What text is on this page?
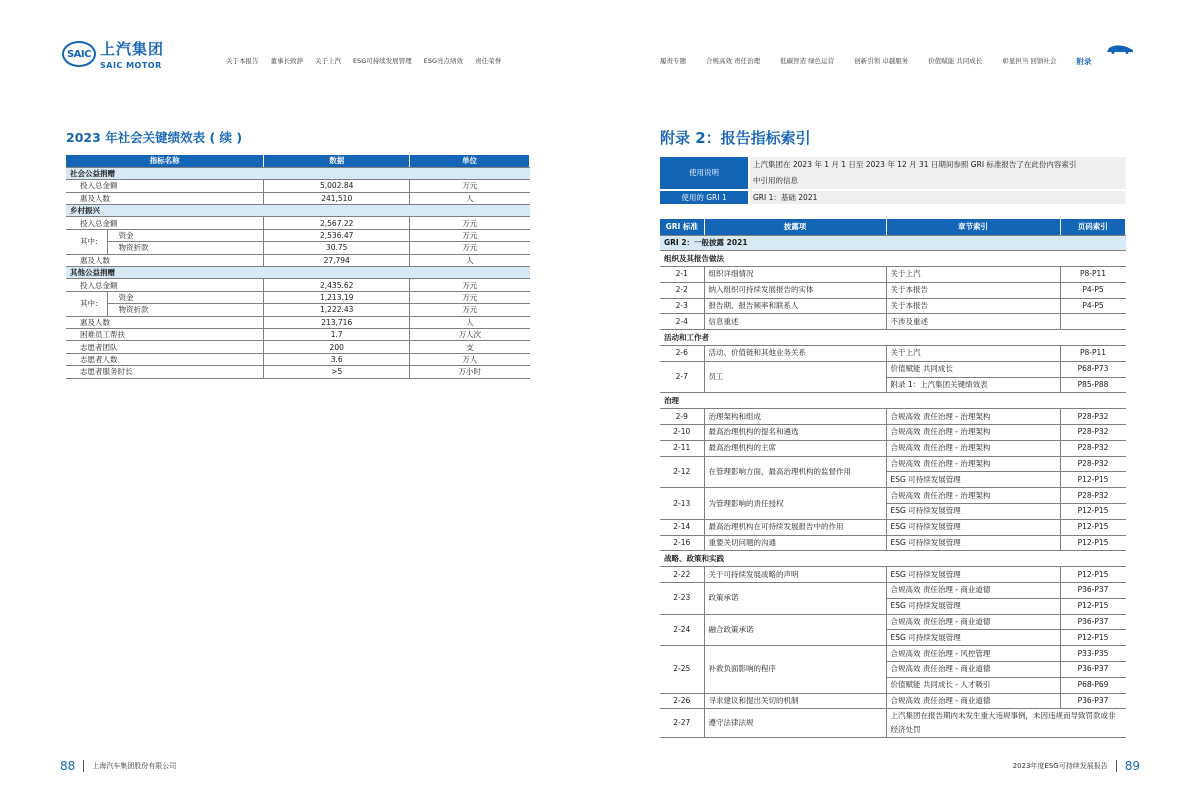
SAIC 上汽集团
SAIC MOTOR	关于本报告 董事长致辞 关于上汽 ESG可持续发展管理 ESG亮点绩效 责任荣誉	履责专题	合规高效 责任治理	低碳智造 绿色运营	创新引领 卓越服务	价值赋能 共同成长	彰显担当 回馈社会	附录
2023 年社会关键绩效表 ( 续 )
指标名称		数据	单位
社会公益捐赠			
投入总金额		5,002.84	万元
惠及人数		241,510	人
乡村振兴			
投入总金额		2,567.22	万元
其中:	资金	2,536.47	万元
	物资折款	30.75	万元
惠及人数		27,794	人
其他公益捐赠			
投入总金额		2,435.62	万元
其中:	资金	1,213.19	万元
	物资折款	1,222.43	万元
惠及人数		213,716	人
困难员工帮扶		1.7	万人次
志愿者团队		200	支
志愿者人数		3.6	万人
志愿者服务时长		>5	万小时
附录 2：报告指标索引
使用说明
上汽集团在 2023 年 1 月 1 日至 2023 年 12 月 31 日期间参照 GRI 标准报告了在此份内容索引
中引用的信息
使用的 GRI 1	GRI 1：基础 2021
GRI 标准	披露项	章节索引	页码索引
GRI 2：一般披露 2021			
组织及其报告做法			
2-1	组织详细情况	关于上汽	P8-P11
2-2	纳入组织可持续发展报告的实体	关于本报告	P4-P5
2-3	报告期、报告频率和联系人	关于本报告	P4-P5
2-4	信息重述	不涉及重述	
活动和工作者			
2-6	活动、价值链和其他业务关系	关于上汽	P8-P11
2-7	员工	价值赋能 共同成长	P68-P73
		附录 1：上汽集团关键绩效表	P85-P88
治理			
2-9	治理架构和组成	合规高效 责任治理 - 治理架构	P28-P32
2-10	最高治理机构的提名和遴选	合规高效 责任治理 - 治理架构	P28-P32
2-11	最高治理机构的主席	合规高效 责任治理 - 治理架构	P28-P32
2-12	在管理影响方面，最高治理机构的监督作用	合规高效 责任治理 - 治理架构	P28-P32
		ESG 可持续发展管理	P12-P15
2-13	为管理影响的责任授权	合规高效 责任治理 - 治理架构	P28-P32
		ESG 可持续发展管理	P12-P15
2-14	最高治理机构在可持续发展报告中的作用	ESG 可持续发展管理	P12-P15
2-16	重要关切问题的沟通	ESG 可持续发展管理	P12-P15
战略、政策和实践			
2-22	关于可持续发展战略的声明	ESG 可持续发展管理	P12-P15
2-23	政策承诺	合规高效 责任治理 - 商业道德	P36-P37
		ESG 可持续发展管理	P12-P15
2-24	融合政策承诺	合规高效 责任治理 - 商业道德	P36-P37
		ESG 可持续发展管理	P12-P15
2-25	补救负面影响的程序	合规高效 责任治理 - 风控管理	P33-P35
		合规高效 责任治理 - 商业道德	P36-P37
		价值赋能 共同成长 - 人才吸引	P68-P69
2-26	寻求建议和提出关切的机制	合规高效 责任治理 - 商业道德	P36-P37
2-27	遵守法律法规	上汽集团在报告期内未发生重大违规事例，未因违规而导致罚款或非经济处罚	
88 上海汽车集团股份有限公司	2023年度ESG可持续发展报告 89
